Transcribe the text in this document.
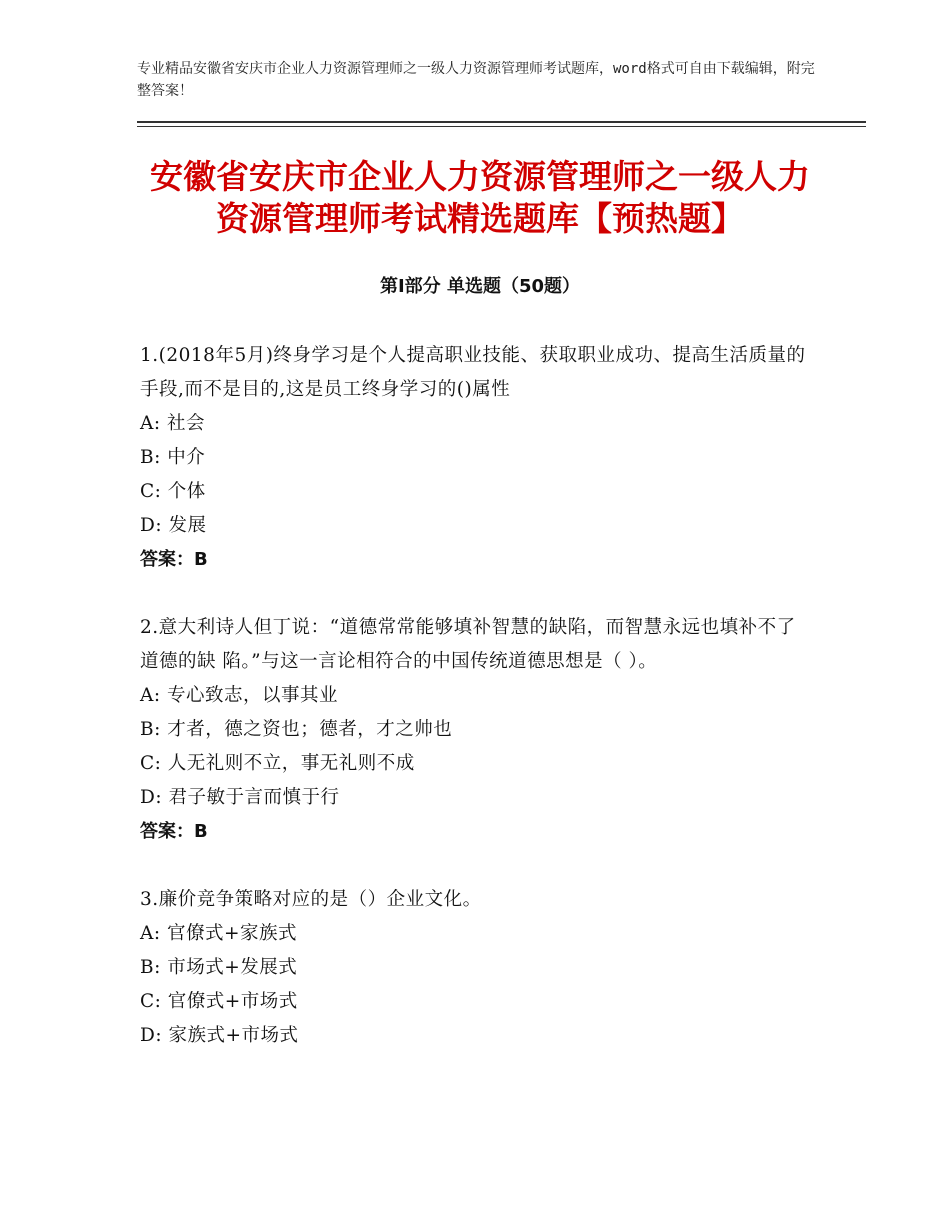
专业精品安徽省安庆市企业人力资源管理师之一级人力资源管理师考试题库，word格式可自由下载编辑，附完整答案！
安徽省安庆市企业人力资源管理师之一级人力资源管理师考试精选题库【预热题】
第Ⅰ部分 单选题（50题）
1.(2018年5月)终身学习是个人提高职业技能、获取职业成功、提高生活质量的手段,而不是目的,这是员工终身学习的()属性
A: 社会
B: 中介
C: 个体
D: 发展
答案：B
2.意大利诗人但丁说：“道德常常能够填补智慧的缺陷，而智慧永远也填补不了道德的缺 陷。”与这一言论相符合的中国传统道德思想是（ ）。
A: 专心致志，以事其业
B: 才者，德之资也；德者，才之帅也
C: 人无礼则不立，事无礼则不成
D: 君子敏于言而慎于行
答案：B
3.廉价竞争策略对应的是（）企业文化。
A: 官僚式+家族式
B: 市场式+发展式
C: 官僚式+市场式
D: 家族式+市场式
